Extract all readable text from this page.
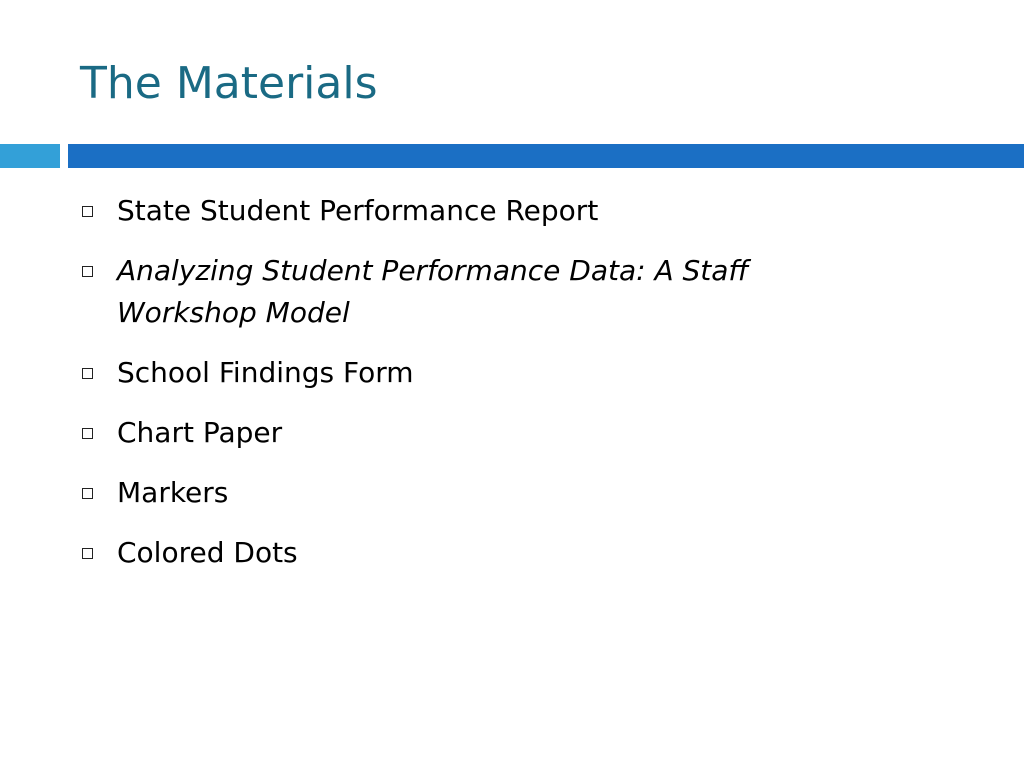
The Materials
State Student Performance Report
Analyzing Student Performance Data: A Staff Workshop Model
School Findings Form
Chart Paper
Markers
Colored Dots
